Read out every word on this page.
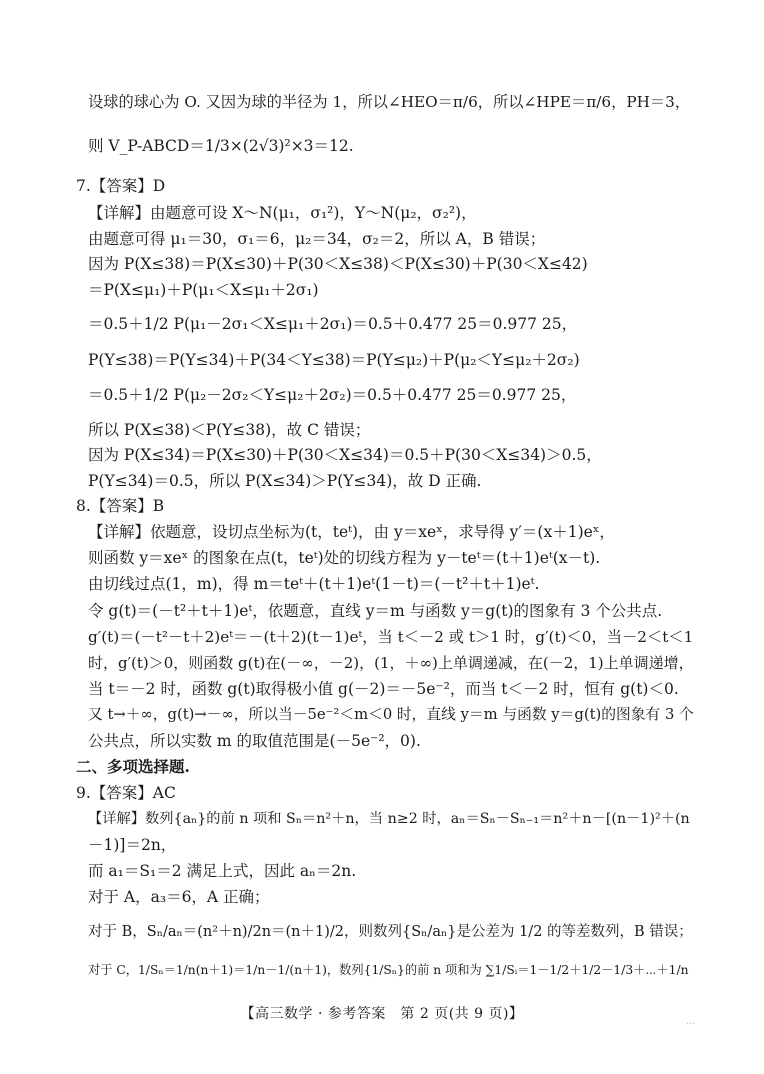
设球的球心为 O. 又因为球的半径为 1，所以∠HEO＝π/6，所以∠HPE＝π/6，PH＝3，
则 V_P-ABCD＝1/3×(2√3)²×3＝12.
7.【答案】D
【详解】由题意可设 X～N(μ₁，σ₁²)，Y～N(μ₂，σ₂²)，
由题意可得 μ₁＝30，σ₁＝6，μ₂＝34，σ₂＝2，所以 A，B 错误；
因为 P(X≤38)＝P(X≤30)＋P(30＜X≤38)＜P(X≤30)＋P(30＜X≤42)
＝P(X≤μ₁)＋P(μ₁＜X≤μ₁＋2σ₁)
＝0.5＋1/2 P(μ₁－2σ₁＜X≤μ₁＋2σ₁)＝0.5＋0.477 25＝0.977 25，
P(Y≤38)＝P(Y≤34)＋P(34＜Y≤38)＝P(Y≤μ₂)＋P(μ₂＜Y≤μ₂＋2σ₂)
＝0.5＋1/2 P(μ₂－2σ₂＜Y≤μ₂＋2σ₂)＝0.5＋0.477 25＝0.977 25，
所以 P(X≤38)＜P(Y≤38)，故 C 错误；
因为 P(X≤34)＝P(X≤30)＋P(30＜X≤34)＝0.5＋P(30＜X≤34)＞0.5，
P(Y≤34)＝0.5，所以 P(X≤34)＞P(Y≤34)，故 D 正确.
8.【答案】B
【详解】依题意，设切点坐标为(t，teᵗ)，由 y＝xeˣ，求导得 y′＝(x＋1)eˣ，
则函数 y＝xeˣ 的图象在点(t，teᵗ)处的切线方程为 y－teᵗ＝(t＋1)eᵗ(x－t).
由切线过点(1，m)，得 m＝teᵗ＋(t＋1)eᵗ(1－t)＝(－t²＋t＋1)eᵗ.
令 g(t)＝(－t²＋t＋1)eᵗ，依题意，直线 y＝m 与函数 y＝g(t)的图象有 3 个公共点.
g′(t)＝(－t²－t＋2)eᵗ＝－(t＋2)(t－1)eᵗ，当 t＜－2 或 t＞1 时，g′(t)＜0，当－2＜t＜1
时，g′(t)＞0，则函数 g(t)在(－∞，－2)，(1，＋∞)上单调递减，在(－2，1)上单调递增，
当 t＝－2 时，函数 g(t)取得极小值 g(－2)＝－5e⁻²，而当 t＜－2 时，恒有 g(t)＜0.
又 t→＋∞，g(t)→－∞，所以当－5e⁻²＜m＜0 时，直线 y＝m 与函数 y＝g(t)的图象有 3 个
公共点，所以实数 m 的取值范围是(－5e⁻²，0).
二、多项选择题.
9.【答案】AC
【详解】数列{aₙ}的前 n 项和 Sₙ＝n²＋n，当 n≥2 时，aₙ＝Sₙ－Sₙ₋₁＝n²＋n－[(n－1)²＋(n
－1)]＝2n，
而 a₁＝S₁＝2 满足上式，因此 aₙ＝2n.
对于 A，a₃＝6，A 正确；
对于 B，Sₙ/aₙ＝(n²＋n)/2n＝(n＋1)/2，则数列{Sₙ/aₙ}是公差为 1/2 的等差数列，B 错误；
对于 C，1/Sₙ＝1/n(n＋1)＝1/n－1/(n＋1)，数列{1/Sₙ}的前 n 项和为 ∑1/Sᵢ＝1－1/2＋1/2－1/3＋⋯＋1/n
【高三数学 · 参考答案　第 2 页(共 9 页)】	...
